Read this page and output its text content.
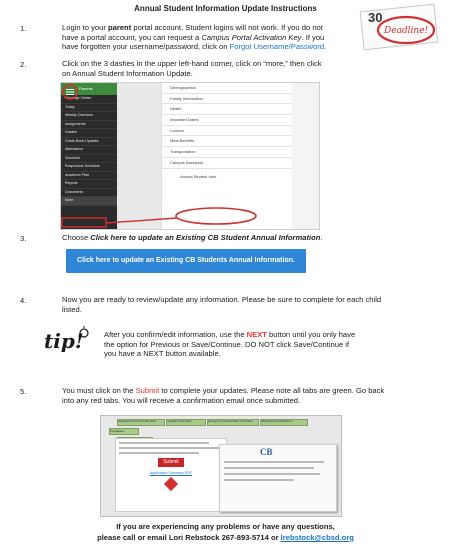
Annual Student Information Update Instructions
30
Deadline!
1.	Login to your parent portal account. Student logins will not work. If you do not
have a portal account, you can request a Campus Portal Activation Key. If you
have forgotten your username/password, click on Forgot Username/Password.
2.	Click on the 3 dashes in the upper left-hand corner, click on “more,” then click
on Annual Student Information Update.
Parents
Message Center
Today
Weekly Overview
Assignments
Grades
Grade Book Updates
Attendance
Schedule
Responsive Schedule
Academic Plan
Reports
Documents
More
Demographics
Family Information
Health
Important Dates
Lockers
Meal Benefits
Transportation
Campus Backpack
Annual Student Infor
3.	Choose Click here to update an Existing CB Student Annual Information.
Click here to update an Existing CB Students Annual Information.
4.	Now you are ready to review/update any information. Please be sure to complete for each child
listed.
tip!	After you confirm/edit information, use the NEXT button until you only have
the option for Previous or Save/Continue. DO NOT click Save/Continue if
you have a NEXT button available.
5.	You must click on the Submit to complete your updates. Please note all tabs are green. Go back
into any red tabs. You will receive a confirmation email once submitted.
Application Process/Confirmation	Guardian Information	Emergency Contacts/Other Information	Siblings/Add a Child/Doctor
Completed
Submit
Application Summary PDF
CB
If you are experiencing any problems or have any questions,
please call or email Lori Rebstock 267-893-5714 or lrebstock@cbsd.org
